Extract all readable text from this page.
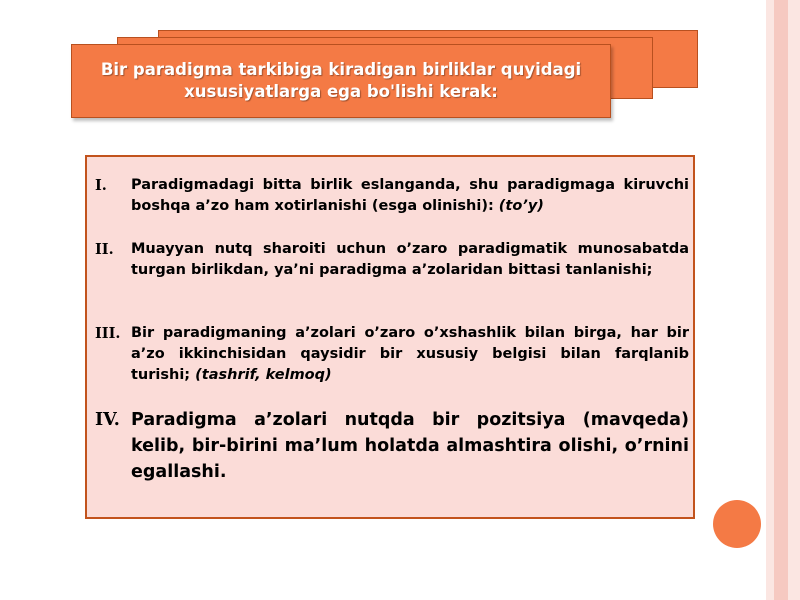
Bir paradigma tarkibiga kiradigan birliklar quyidagi xususiyatlarga ega bo'lishi kerak:
I.	Paradigmadagi bitta birlik eslanganda, shu paradigmaga kiruvchi boshqa a’zo ham xotirlanishi (esga olinishi): (to’y)
II.	Muayyan nutq sharoiti uchun o’zaro paradigmatik munosabatda turgan birlikdan, ya’ni paradigma a’zolaridan bittasi tanlanishi;
III. Bir paradigmaning a’zolari o’zaro o’xshashlik bilan birga, har bir a’zo ikkinchisidan qaysidir bir xususiy belgisi bilan farqlanib turishi; (tashrif, kelmoq)
IV. Paradigma a’zolari nutqda bir pozitsiya (mavqeda) kelib, bir-birini ma’lum holatda almashtira olishi, o’rnini egallashi.
